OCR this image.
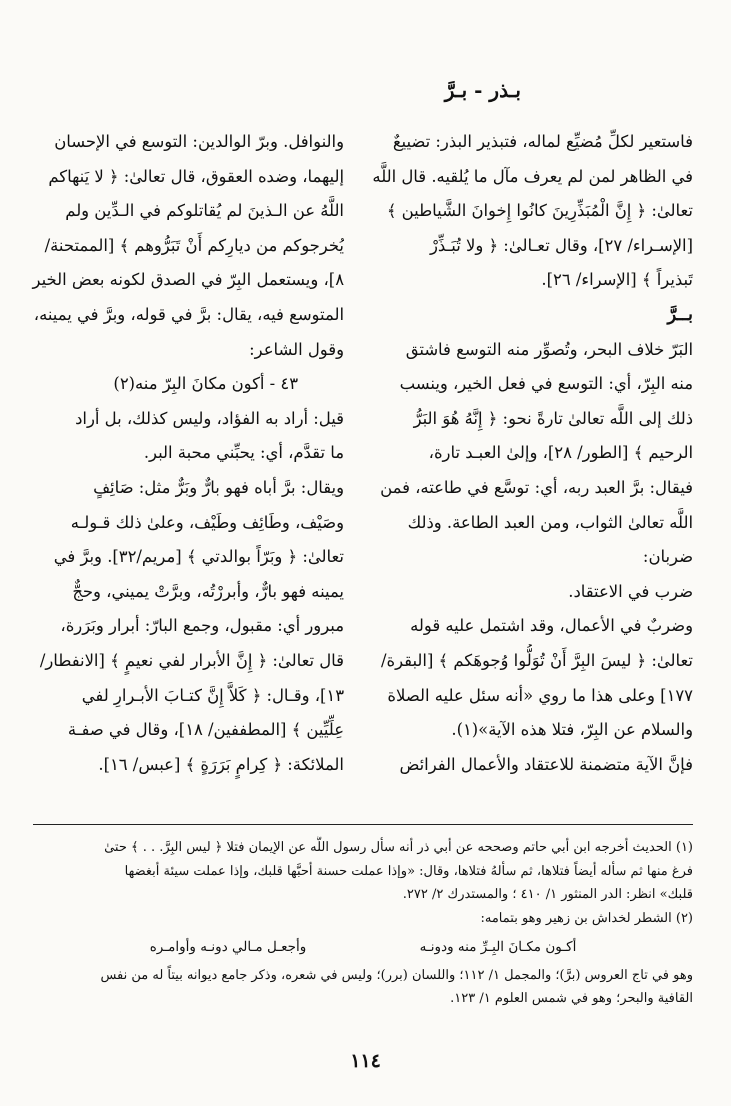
بـذر - بـرَّ
فاستعير لكلِّ مُضيِّع لماله، فتبذير البذر: تضييعٌ
في الظاهر لمن لم يعرف مآل ما يُلقيه. قال اللَّه
تعالىٰ: ﴿ إِنَّ الْمُبَذِّرِينَ كانُوا إِخوانَ الشَّياطين ﴾
[الإسـراء/ ٢٧]، وقال تعـالىٰ: ﴿ ولا تُبَـذِّرْ
تَبذيراً ﴾ [الإسراء/ ٢٦].
بــرَّ
البَرّ خلاف البحر، وتُصوِّر منه التوسع فاشتق
منه البِرّ، أي: التوسع في فعل الخير، وينسب
ذلك إلى اللَّه تعالىٰ تارةً نحو: ﴿ إِنَّهُ هُوَ البَرُّ
الرحيم ﴾ [الطور/ ٢٨]، وإلىٰ العبـد تارة،
فيقال: برَّ العبد ربه، أي: توسَّع في طاعته، فمن
اللَّه تعالىٰ الثواب، ومن العبد الطاعة. وذلك
ضربان:
ضرب في الاعتقاد.
وضربٌ في الأعمال، وقد اشتمل عليه قوله
تعالىٰ: ﴿ ليسَ البِرَّ أَنْ تُوَلُّوا وُجوهَكم ﴾ [البقرة/
١٧٧] وعلى هذا ما روي «أنه سئل عليه الصلاة
والسلام عن البِرّ، فتلا هذه الآية»(١).
فإنَّ الآية متضمنة للاعتقاد والأعمال الفرائض
والنوافل. وبرّ الوالدين: التوسع في الإحسان
إليهما، وضده العقوق، قال تعالىٰ: ﴿ لا يَنهاكم
اللَّهُ عن الـذينَ لم يُقاتلوكم في الـدِّين ولم
يُخرجوكم من ديارِكم أَنْ تَبَرُّوهم ﴾ [الممتحنة/
٨]، ويستعمل البِرّ في الصدق لكونه بعض الخير
المتوسع فيه، يقال: برَّ في قوله، وبرَّ في يمينه،
وقول الشاعر:
٤٣ - أكون مكانَ البِرّ منه(٢)
قيل: أراد به الفؤاد، وليس كذلك، بل أراد
ما تقدَّم، أي: يحبِّني محبة البر.
ويقال: برَّ أباه فهو بارٌّ وبَرٌّ مثل: صَائِفٍ
وصَيْف، وطَائِف وطَيْف، وعلىٰ ذلك قـولـه
تعالىٰ: ﴿ وبَرّاً بوالدتي ﴾ [مريم/٣٢]. وبرَّ في
يمينه فهو بارٌّ، وأبررْتُه، وبرَّتْ يميني، وحجٌّ
مبرور أي: مقبول، وجمع البارّ: أبرار وبَرَرة،
قال تعالىٰ: ﴿ إِنَّ الأبرار لفي نعيمٍ ﴾ [الانفطار/
١٣]، وقـال: ﴿ كَلاَّ إِنَّ كتـابَ الأبـرارِ لفي
عِلِّيِّين ﴾ [المطففين/ ١٨]، وقال في صفـة
الملائكة: ﴿ كِرامٍ بَرَرَةٍ ﴾ [عبس/ ١٦].
(١) الحديث أخرجه ابن أبي حاتم وصححه عن أبي ذر أنه سأل رسول اللَّه عن الإيمان فتلا ﴿ ليس البِرَّ. . . ﴾ حتىٰ
فرغ منها ثم سأله أيضاً فتلاها، ثم سألهُ فتلاها، وقال: «وإذا عملت حسنة أحبَّها قلبك، وإذا عملت سيئة أبغضها
قلبك» انظر: الدر المنثور ١/ ٤١٠ ؛ والمستدرك ٢/ ٢٧٢.
(٢) الشطر لخداش بن زهير وهو بتمامه:
أكـون مكـانَ البِـرِّ منه ودونـه
وأجعـل مـالي دونـه وأوامـره
وهو في تاج العروس (برَّ)؛ والمجمل ١/ ١١٢؛ واللسان (برر)؛ وليس في شعره، وذكر جامع ديوانه بيتاً له من نفس
القافية والبحر؛ وهو في شمس العلوم ١/ ١٢٣.
١١٤
